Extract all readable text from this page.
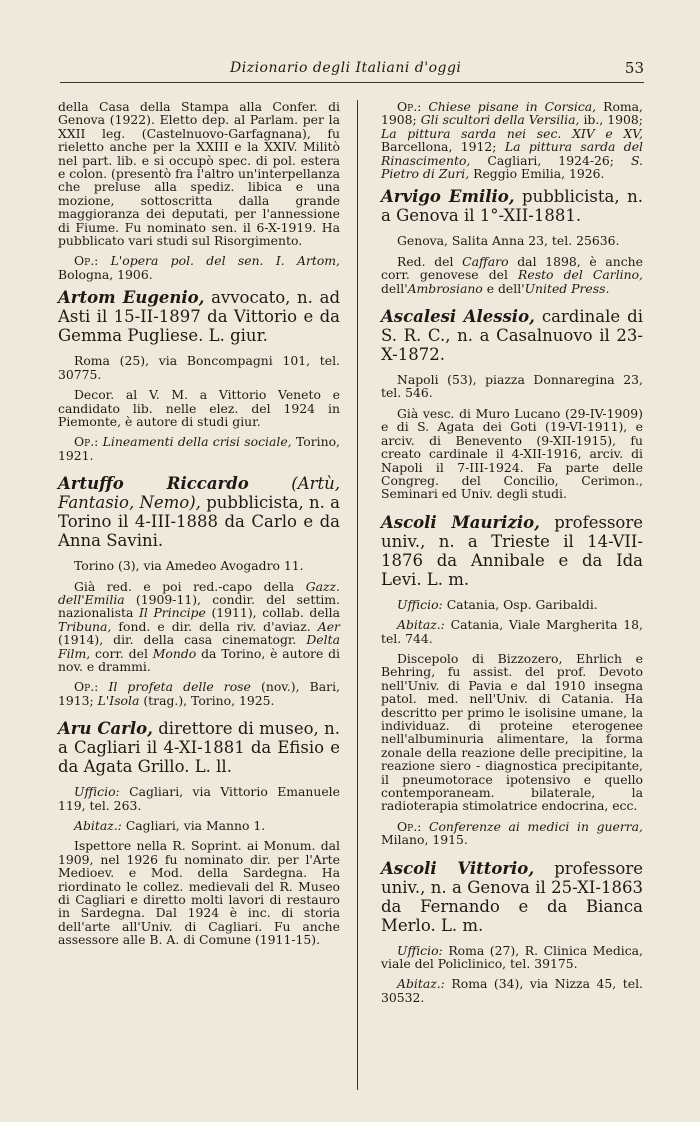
Dizionario degli Italiani d'oggi	53

della Casa della Stampa alla Confer. di Genova (1922). Eletto dep. al Parlam. per la XXII leg. (Castelnuovo-Garfagnana), fu rieletto anche per la XXIII e la XXIV. Militò nel part. lib. e si occupò spec. di pol. estera e colon. (presentò fra l'altro un'interpellanza che preluse alla spediz. libica e una mozione, sottoscritta dalla grande maggioranza dei deputati, per l'annessione di Fiume. Fu nominato sen. il 6-X-1919. Ha pubblicato vari studi sul Risorgimento.

Op.: L'opera pol. del sen. I. Artom, Bologna, 1906.

Artom Eugenio, avvocato, n. ad Asti il 15-II-1897 da Vittorio e da Gemma Pugliese. L. giur.

Roma (25), via Boncompagni 101, tel. 30775.

Decor. al V. M. a Vittorio Veneto e candidato lib. nelle elez. del 1924 in Piemonte, è autore di studi giur.

Op.: Lineamenti della crisi sociale, Torino, 1921.

Artuffo Riccardo	(Artù, Fantasio, Nemo), pubblicista, n. a Torino il 4-III-1888 da Carlo e da Anna Savini.

Torino (3), via Amedeo Avogadro 11.

Già red. e poi red.-capo della Gazz. dell'Emilia (1909-11), condir. del settim. nazionalista Il Principe (1911), collab. della Tribuna, fond. e dir. della riv. d'aviaz. Aer (1914), dir. della casa cinematogr. Delta Film, corr. del Mondo da Torino, è autore di nov. e drammi.

Op.: Il profeta delle rose (nov.), Bari, 1913; L'Isola (trag.), Torino, 1925.

Aru Carlo, direttore di museo, n. a Cagliari il 4-XI-1881 da Efisio e da Agata Grillo. L. ll.

Ufficio: Cagliari, via Vittorio Emanuele 119, tel. 263.

Abitaz.: Cagliari, via Manno 1.

Ispettore nella R. Soprint. ai Monum. dal 1909, nel 1926 fu nominato dir. per l'Arte Medioev. e Mod. della Sardegna. Ha riordinato le collez. medievali del R. Museo di Cagliari e diretto molti lavori di restauro in Sardegna. Dal 1924 è inc. di storia dell'arte all'Univ. di Cagliari. Fu anche assessore alle B. A. di Comune (1911-15).

Op.: Chiese pisane in Corsica, Roma, 1908; Gli scultori della Versilia, ib., 1908; La pittura sarda nei sec. XIV e XV, Barcellona, 1912; La pittura sarda del Rinascimento, Cagliari, 1924-26; S. Pietro di Zuri, Reggio Emilia, 1926.

Arvigo Emilio, pubblicista, n. a Genova il 1°-XII-1881.

Genova, Salita Anna 23, tel. 25636.

Red. del Caffaro dal 1898, è anche corr. genovese del Resto del Carlino, dell'Ambrosiano e dell'United Press.

Ascalesi Alessio, cardinale di S. R. C., n. a Casalnuovo il 23-X-1872.

Napoli (53), piazza Donnaregina 23, tel. 546.

Già vesc. di Muro Lucano (29-IV-1909) e di S. Agata dei Goti (19-VI-1911), e arciv. di Benevento (9-XII-1915), fu creato cardinale il 4-XII-1916, arciv. di Napoli il 7-III-1924. Fa parte delle Congreg. del Concilio, Cerimon., Seminari ed Univ. degli studi.

Ascoli Maurizio, professore univ., n. a Trieste il 14-VII-1876 da Annibale e da Ida Levi. L. m.

Ufficio: Catania, Osp. Garibaldi.

Abitaz.: Catania, Viale Margherita 18, tel. 744.

Discepolo di Bizzozero, Ehrlich e Behring, fu assist. del prof. Devoto nell'Univ. di Pavia e dal 1910 insegna patol. med. nell'Univ. di Catania. Ha descritto per primo le isolisine umane, la individuaz. di proteine eterogenee nell'albuminuria alimentare, la forma zonale della reazione delle precipitine, la reazione siero - diagnostica precipitante, il pneumotorace ipotensivo e quello contemporaneam. bilaterale, la radioterapia stimolatrice endocrina, ecc.

Op.: Conferenze ai medici in guerra, Milano, 1915.

Ascoli Vittorio, professore univ., n. a Genova il 25-XI-1863 da Fernando e da Bianca Merlo. L. m.

Ufficio: Roma (27), R. Clinica Medica, viale del Policlinico, tel. 39175.

Abitaz.: Roma (34), via Nizza 45, tel. 30532.
